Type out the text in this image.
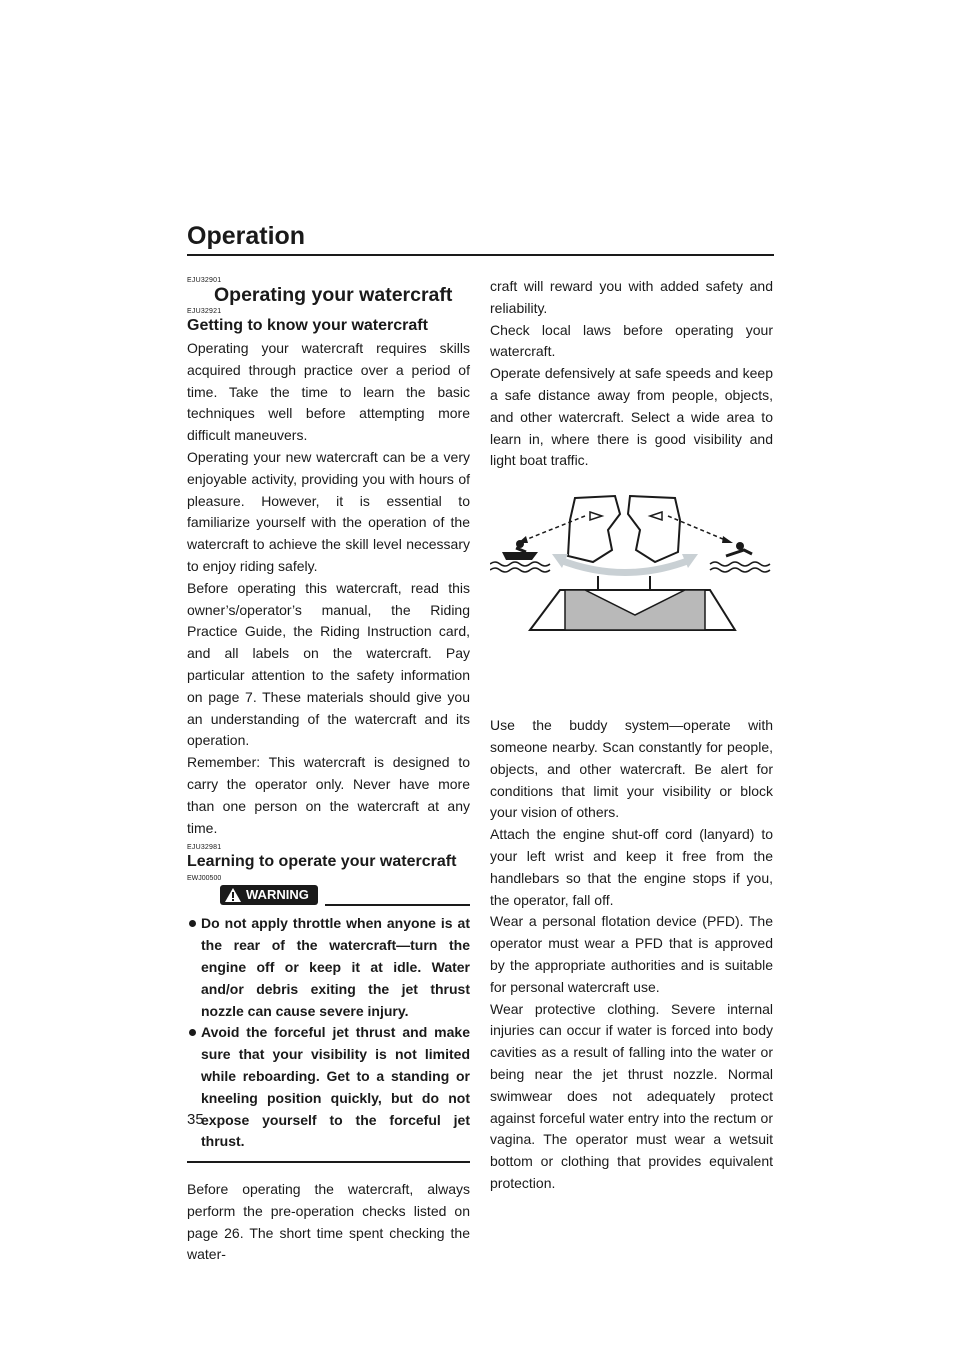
Operation

EJU32901

Operating your watercraft

EJU32921

Getting to know your watercraft

Operating your watercraft requires skills acquired through practice over a period of time. Take the time to learn the basic techniques well before attempting more difficult maneuvers.

Operating your new watercraft can be a very enjoyable activity, providing you with hours of pleasure. However, it is essential to familiarize yourself with the operation of the watercraft to achieve the skill level necessary to enjoy riding safely.

Before operating this watercraft, read this owner’s/operator’s manual, the Riding Practice Guide, the Riding Instruction card, and all labels on the watercraft. Pay particular attention to the safety information on page 7. These materials should give you an understanding of the watercraft and its operation.

Remember: This watercraft is designed to carry the operator only. Never have more than one person on the watercraft at any time.

EJU32981

Learning to operate your watercraft

EWJ00500

WARNING
Do not apply throttle when anyone is at the rear of the watercraft—turn the engine off or keep it at idle. Water and/or debris exiting the jet thrust nozzle can cause severe injury.
Avoid the forceful jet thrust and make sure that your visibility is not limited while reboarding. Get to a standing or kneeling position quickly, but do not expose yourself to the forceful jet thrust.

Before operating the watercraft, always perform the pre-operation checks listed on page 26. The short time spent checking the water-

craft will reward you with added safety and reliability.

Check local laws before operating your watercraft.

Operate defensively at safe speeds and keep a safe distance away from people, objects, and other watercraft. Select a wide area to learn in, where there is good visibility and light boat traffic.

Use the buddy system—operate with someone nearby. Scan constantly for people, objects, and other watercraft. Be alert for conditions that limit your visibility or block your vision of others.

Attach the engine shut-off cord (lanyard) to your left wrist and keep it free from the handlebars so that the engine stops if you, the operator, fall off.

Wear a personal flotation device (PFD). The operator must wear a PFD that is approved by the appropriate authorities and is suitable for personal watercraft use.

Wear protective clothing. Severe internal injuries can occur if water is forced into body cavities as a result of falling into the water or being near the jet thrust nozzle. Normal swimwear does not adequately protect against forceful water entry into the rectum or vagina. The operator must wear a wetsuit bottom or clothing that provides equivalent protection.

35
